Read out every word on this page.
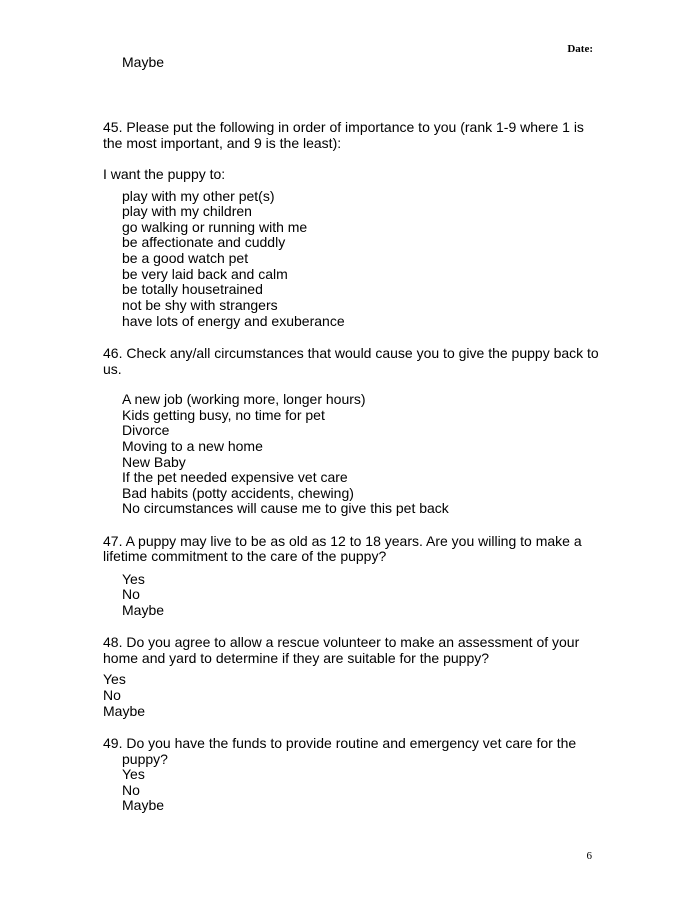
Date:
Maybe
45. Please put the following in order of importance to you (rank 1-9 where 1 is
the most important, and 9 is the least):
I want the puppy to:
play with my other pet(s)
play with my children
go walking or running with me
be affectionate and cuddly
be a good watch pet
be very laid back and calm
be totally housetrained
not be shy with strangers
have lots of energy and exuberance
46. Check any/all circumstances that would cause you to give the puppy back to
us.
A new job (working more, longer hours)
Kids getting busy, no time for pet
Divorce
Moving to a new home
New Baby
If the pet needed expensive vet care
Bad habits (potty accidents, chewing)
No circumstances will cause me to give this pet back
47. A puppy may live to be as old as 12 to 18 years. Are you willing to make a
lifetime commitment to the care of the puppy?
Yes
No
Maybe
48. Do you agree to allow a rescue volunteer to make an assessment of your
home and yard to determine if they are suitable for the puppy?
Yes
No
Maybe
49. Do you have the funds to provide routine and emergency vet care for the
puppy?
Yes
No
Maybe
6
